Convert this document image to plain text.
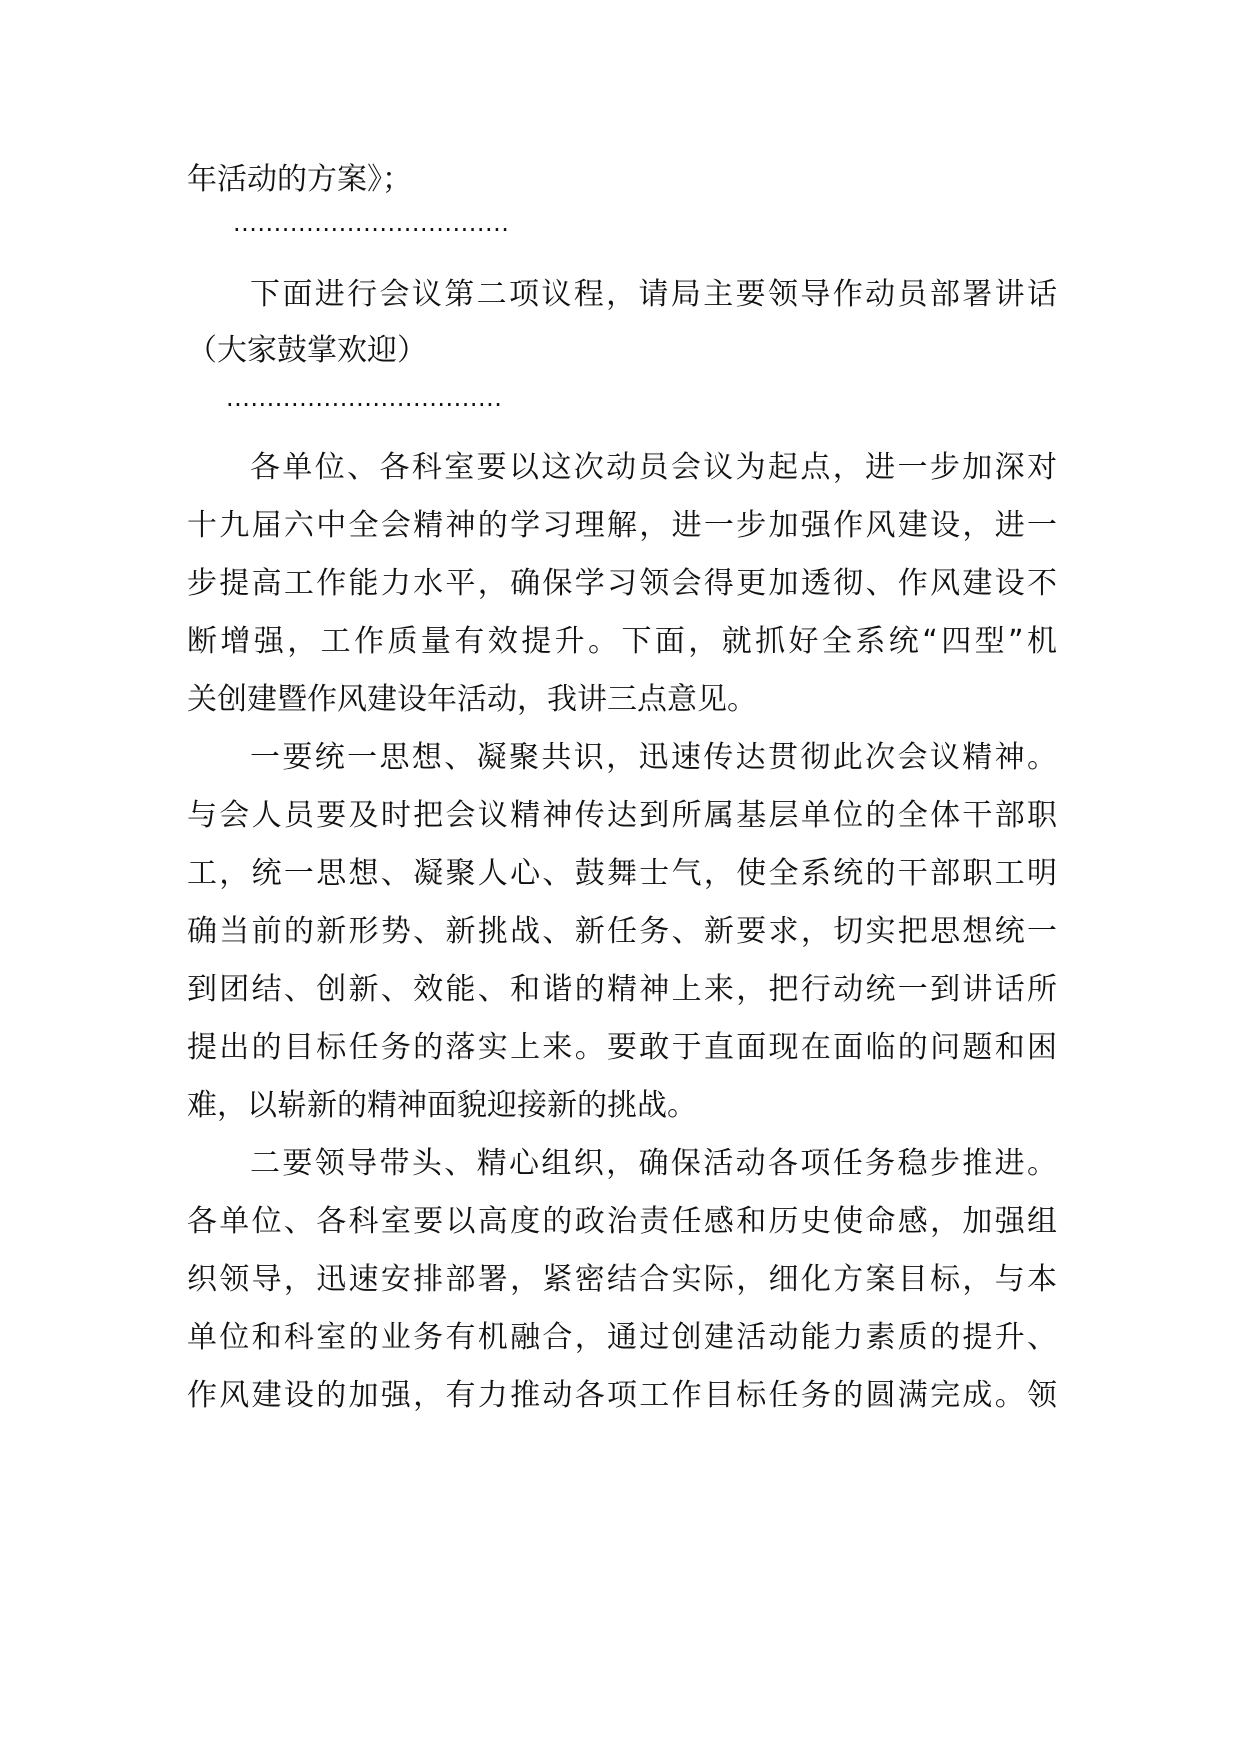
年活动的方案》；
··································
下面进行会议第二项议程，请局主要领导作动员部署讲话
（大家鼓掌欢迎）
··································
各单位、各科室要以这次动员会议为起点，进一步加深对
十九届六中全会精神的学习理解，进一步加强作风建设，进一
步提高工作能力水平，确保学习领会得更加透彻、作风建设不
断增强，工作质量有效提升。下面，就抓好全系统“四型”机
关创建暨作风建设年活动，我讲三点意见。
一要统一思想、凝聚共识，迅速传达贯彻此次会议精神。
与会人员要及时把会议精神传达到所属基层单位的全体干部职
工，统一思想、凝聚人心、鼓舞士气，使全系统的干部职工明
确当前的新形势、新挑战、新任务、新要求，切实把思想统一
到团结、创新、效能、和谐的精神上来，把行动统一到讲话所
提出的目标任务的落实上来。要敢于直面现在面临的问题和困
难，以崭新的精神面貌迎接新的挑战。
二要领导带头、精心组织，确保活动各项任务稳步推进。
各单位、各科室要以高度的政治责任感和历史使命感，加强组
织领导，迅速安排部署，紧密结合实际，细化方案目标，与本
单位和科室的业务有机融合，通过创建活动能力素质的提升、
作风建设的加强，有力推动各项工作目标任务的圆满完成。领
